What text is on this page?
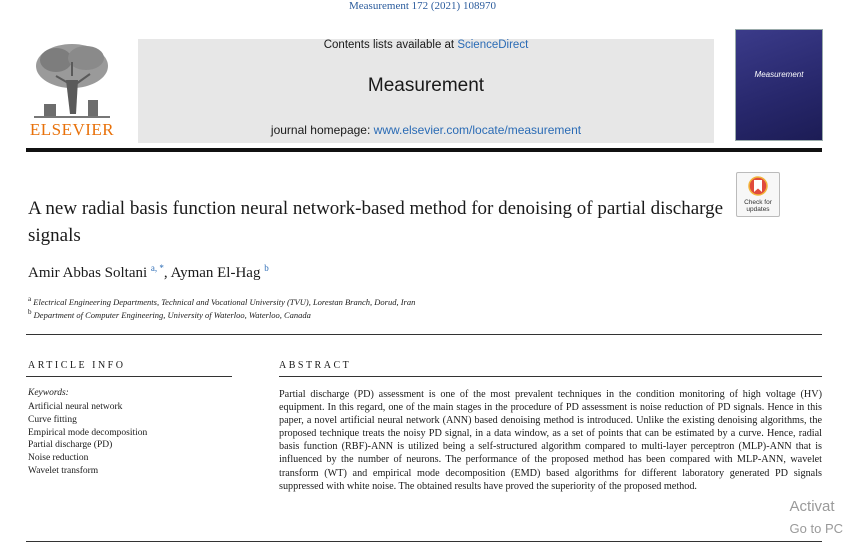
Measurement 172 (2021) 108970
ELSEVIER
Contents lists available at ScienceDirect
Measurement
journal homepage: www.elsevier.com/locate/measurement
Measurement
Check for updates
A new radial basis function neural network-based method for denoising of partial discharge signals
Amir Abbas Soltani $^{a, *}$, Ayman El-Hag $^b$
$^a$ Electrical Engineering Departments, Technical and Vocational University (TVU), Lorestan Branch, Dorud, Iran
$^b$ Department of Computer Engineering, University of Waterloo, Waterloo, Canada
ARTICLE INFO
Keywords:
Artificial neural network
Curve fitting
Empirical mode decomposition
Partial discharge (PD)
Noise reduction
Wavelet transform
ABSTRACT
Partial discharge (PD) assessment is one of the most prevalent techniques in the condition monitoring of high voltage (HV) equipment. In this regard, one of the main stages in the procedure of PD assessment is noise reduction of PD signals. Hence in this paper, a novel artificial neural network (ANN) based denoising method is introduced. Unlike the existing denoising algorithms, the proposed technique treats the noisy PD signal, in a data window, as a set of points that can be estimated by a curve. Hence, radial basis function (RBF)-ANN is utilized being a self-structured algorithm compared to multi-layer perceptron (MLP)-ANN that is influenced by the number of neurons. The performance of the proposed method has been compared with MLP-ANN, wavelet transform (WT) and empirical mode decomposition (EMD) based algorithms for different laboratory generated PD signals suppressed with white noise. The obtained results have proved the superiority of the proposed method.
Activat
Go to PC
